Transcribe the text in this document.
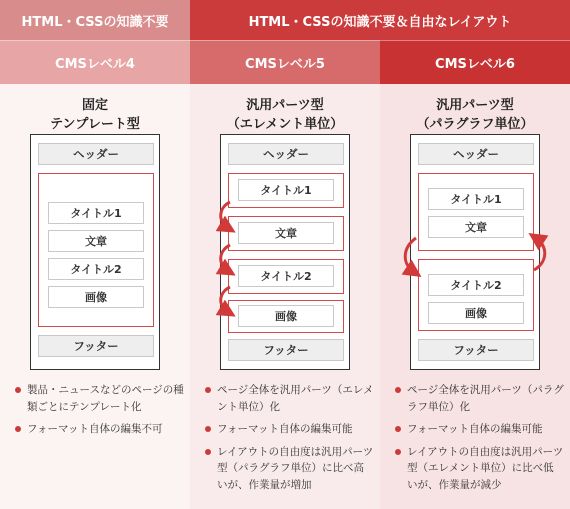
HTML・CSSの知識不要	HTML・CSSの知識不要＆自由なレイアウト
CMSレベル4	CMSレベル5	CMSレベル6
固定
テンプレート型
ヘッダー
タイトル1
文章
タイトル2
画像
フッター
製品・ニュースなどのページの種類ごとにテンプレート化
フォーマット自体の編集不可
汎用パーツ型
（エレメント単位）
ヘッダー
タイトル1
文章
タイトル2
画像
フッター
ページ全体を汎用パーツ（エレメント単位）化
フォーマット自体の編集可能
レイアウトの自由度は汎用パーツ型（パラグラフ単位）に比べ高いが、作業量が増加
汎用パーツ型
（パラグラフ単位）
ヘッダー
タイトル1
文章
タイトル2
画像
フッター
ページ全体を汎用パーツ（パラグラフ単位）化
フォーマット自体の編集可能
レイアウトの自由度は汎用パーツ型（エレメント単位）に比べ低いが、作業量が減少
